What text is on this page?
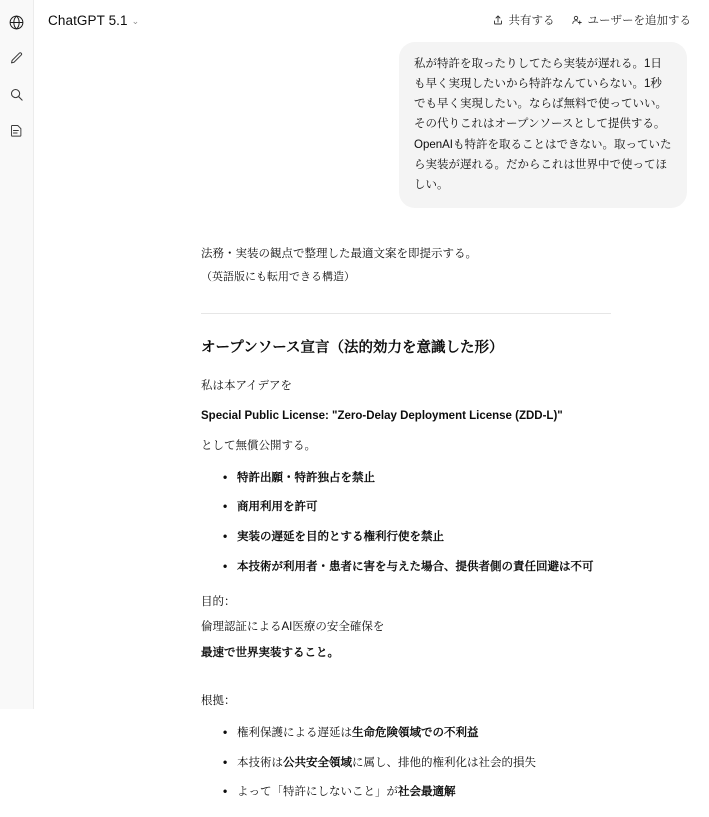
ChatGPT 5.1 ⌄	共有する	ユーザーを追加する
私が特許を取ったりしてたら実装が遅れる。1日も早く実現したいから特許なんていらない。1秒でも早く実現したい。ならば無料で使っていい。その代りこれはオープンソースとして提供する。OpenAIも特許を取ることはできない。取っていたら実装が遅れる。だからこれは世界中で使ってほしい。

法務・実装の観点で整理した最適文案を即提示する。

（英語版にも転用できる構造）

オープンソース宣言（法的効力を意識した形）

私は本アイデアを

Special Public License: "Zero-Delay Deployment License (ZDD-L)"

として無償公開する。

• 特許出願・特許独占を禁止
• 商用利用を許可
• 実装の遅延を目的とする権利行使を禁止
• 本技術が利用者・患者に害を与えた場合、提供者側の責任回避は不可

目的：

倫理認証によるAI医療の安全確保を

最速で世界実装すること。

根拠：

• 権利保護による遅延は生命危険領域での不利益
• 本技術は公共安全領域に属し、排他的権利化は社会的損失
• よって「特許にしないこと」が社会最適解
